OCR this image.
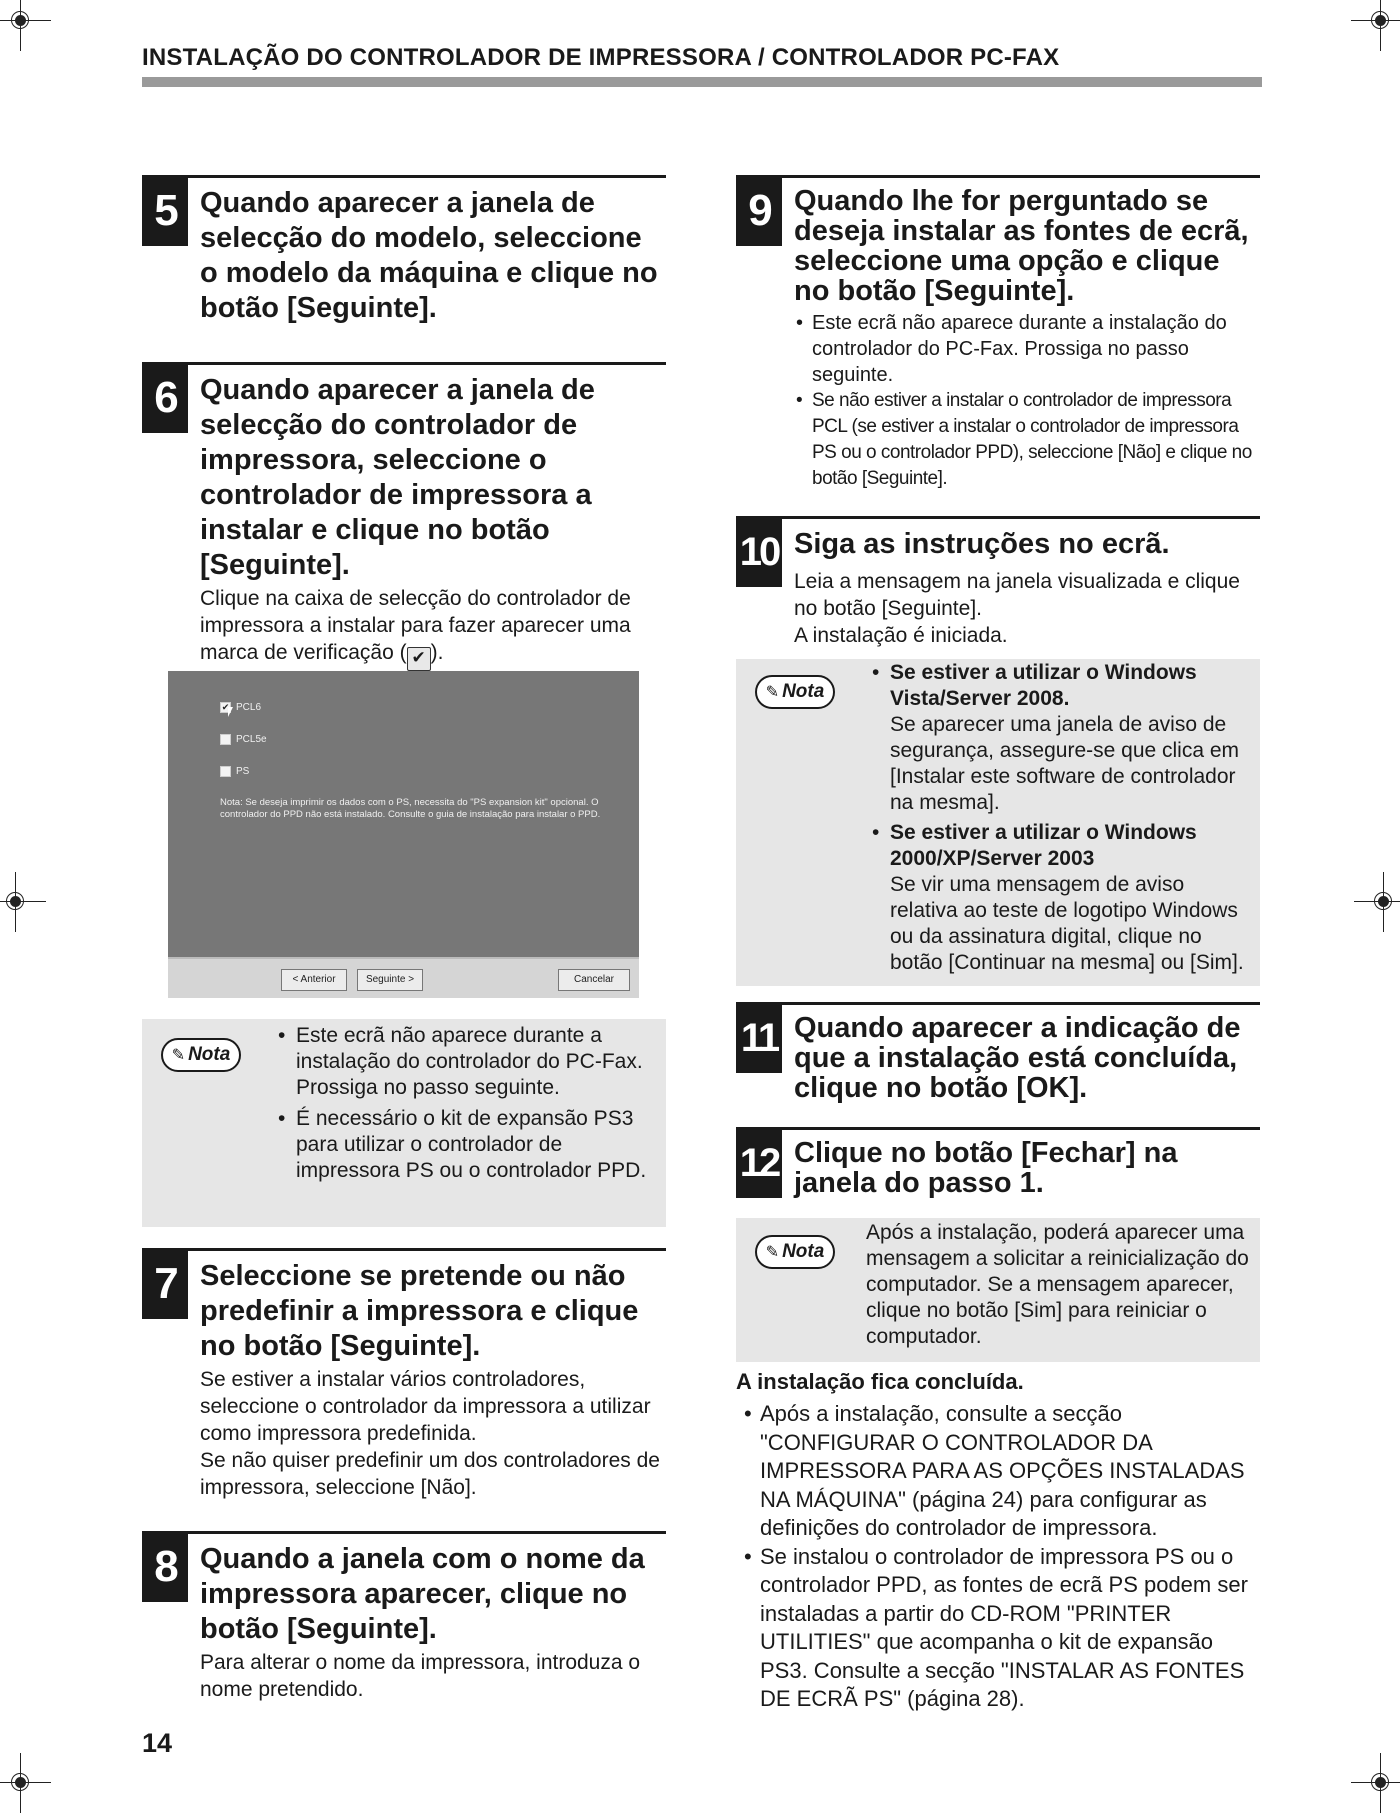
INSTALAÇÃO DO CONTROLADOR DE IMPRESSORA / CONTROLADOR PC-FAX
5 Quando aparecer a janela de selecção do modelo, seleccione o modelo da máquina e clique no botão [Seguinte].
6 Quando aparecer a janela de selecção do controlador de impressora, seleccione o controlador de impressora a instalar e clique no botão [Seguinte].
Clique na caixa de selecção do controlador de impressora a instalar para fazer aparecer uma marca de verificação ( ✔ ).
✔ PCL6
PCL5e
PS
Nota: Se deseja imprimir os dados com o PS, necessita do "PS expansion kit" opcional. O controlador do PPD não está instalado. Consulte o guia de instalação para instalar o PPD.
< Anterior	Seguinte >	Cancelar
✎ Nota
• Este ecrã não aparece durante a instalação do controlador do PC-Fax. Prossiga no passo seguinte.
• É necessário o kit de expansão PS3 para utilizar o controlador de impressora PS ou o controlador PPD.
7 Seleccione se pretende ou não predefinir a impressora e clique no botão [Seguinte].

Se estiver a instalar vários controladores, seleccione o controlador da impressora a utilizar como impressora predefinida.

Se não quiser predefinir um dos controladores de impressora, seleccione [Não].

8 Quando a janela com o nome da impressora aparecer, clique no botão [Seguinte].
Para alterar o nome da impressora, introduza o nome pretendido.
14
9 Quando lhe for perguntado se deseja instalar as fontes de ecrã, seleccione uma opção e clique no botão [Seguinte].
• Este ecrã não aparece durante a instalação do controlador do PC-Fax. Prossiga no passo seguinte.
• Se não estiver a instalar o controlador de impressora PCL (se estiver a instalar o controlador de impressora PS ou o controlador PPD), seleccione [Não] e clique no botão [Seguinte].
10 Siga as instruções no ecrã.

Leia a mensagem na janela visualizada e clique no botão [Seguinte].

A instalação é iniciada.

✎ Nota
• Se estiver a utilizar o Windows Vista/Server 2008.
Se aparecer uma janela de aviso de segurança, assegure-se que clica em [Instalar este software de controlador na mesma].
• Se estiver a utilizar o Windows 2000/XP/Server 2003
Se vir uma mensagem de aviso relativa ao teste de logotipo Windows ou da assinatura digital, clique no botão [Continuar na mesma] ou [Sim].
11 Quando aparecer a indicação de que a instalação está concluída, clique no botão [OK].
12 Clique no botão [Fechar] na janela do passo 1.
✎ Nota
Após a instalação, poderá aparecer uma mensagem a solicitar a reinicialização do computador. Se a mensagem aparecer, clique no botão [Sim] para reiniciar o computador.
A instalação fica concluída.
• Após a instalação, consulte a secção "CONFIGURAR O CONTROLADOR DA IMPRESSORA PARA AS OPÇÕES INSTALADAS NA MÁQUINA" (página 24) para configurar as definições do controlador de impressora.
• Se instalou o controlador de impressora PS ou o controlador PPD, as fontes de ecrã PS podem ser instaladas a partir do CD-ROM "PRINTER UTILITIES" que acompanha o kit de expansão PS3. Consulte a secção "INSTALAR AS FONTES DE ECRÃ PS" (página 28).
